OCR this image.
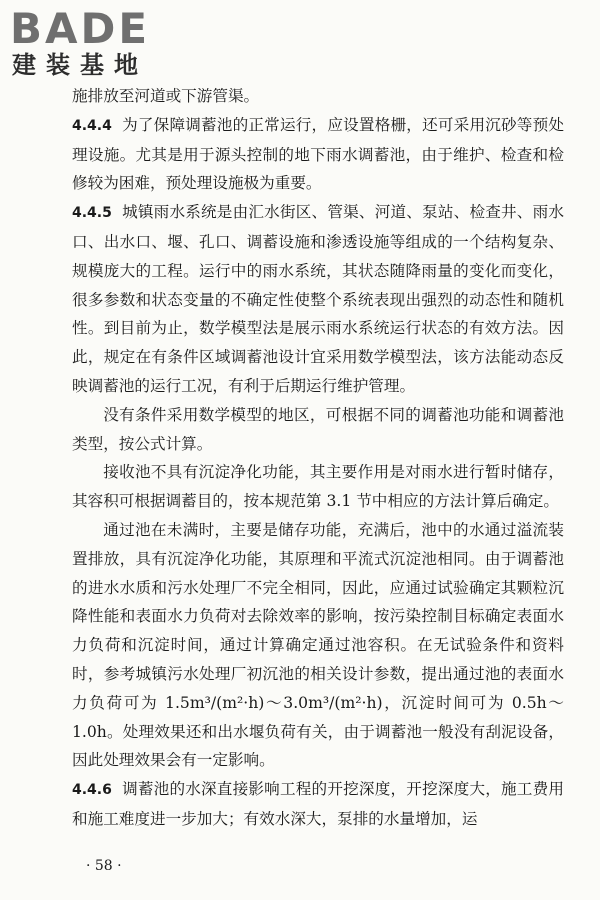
BADE
建装基地

施排放至河道或下游管渠。

4.4.4 为了保障调蓄池的正常运行，应设置格栅，还可采用沉砂等预处理设施。尤其是用于源头控制的地下雨水调蓄池，由于维护、检查和检修较为困难，预处理设施极为重要。

4.4.5 城镇雨水系统是由汇水街区、管渠、河道、泵站、检查井、雨水口、出水口、堰、孔口、调蓄设施和渗透设施等组成的一个结构复杂、规模庞大的工程。运行中的雨水系统，其状态随降雨量的变化而变化，很多参数和状态变量的不确定性使整个系统表现出强烈的动态性和随机性。到目前为止，数学模型法是展示雨水系统运行状态的有效方法。因此，规定在有条件区域调蓄池设计宜采用数学模型法，该方法能动态反映调蓄池的运行工况，有利于后期运行维护管理。

没有条件采用数学模型的地区，可根据不同的调蓄池功能和调蓄池类型，按公式计算。

接收池不具有沉淀净化功能，其主要作用是对雨水进行暂时储存，其容积可根据调蓄目的，按本规范第 3.1 节中相应的方法计算后确定。

通过池在未满时，主要是储存功能，充满后，池中的水通过溢流装置排放，具有沉淀净化功能，其原理和平流式沉淀池相同。由于调蓄池的进水水质和污水处理厂不完全相同，因此，应通过试验确定其颗粒沉降性能和表面水力负荷对去除效率的影响，按污染控制目标确定表面水力负荷和沉淀时间，通过计算确定通过池容积。在无试验条件和资料时，参考城镇污水处理厂初沉池的相关设计参数，提出通过池的表面水力负荷可为 1.5m³/(m²·h)～3.0m³/(m²·h)，沉淀时间可为 0.5h～1.0h。处理效果还和出水堰负荷有关，由于调蓄池一般没有刮泥设备，因此处理效果会有一定影响。

4.4.6 调蓄池的水深直接影响工程的开挖深度，开挖深度大，施工费用和施工难度进一步加大；有效水深大，泵排的水量增加，运

· 58 ·
